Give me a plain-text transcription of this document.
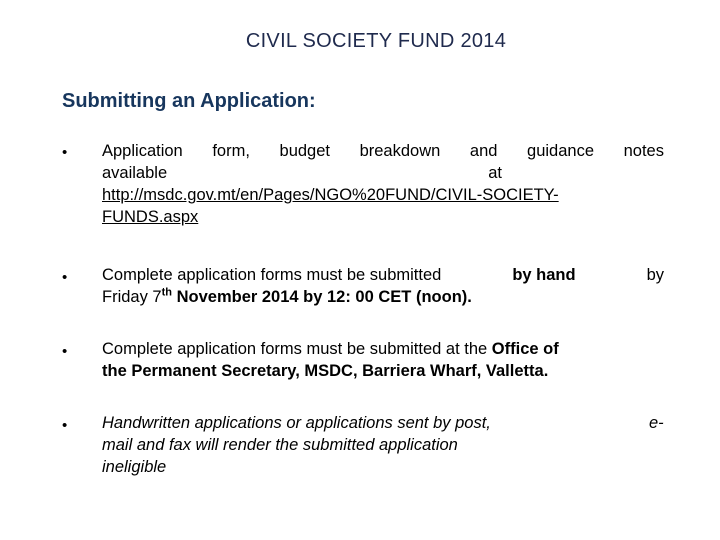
CIVIL SOCIETY FUND 2014
Submitting an Application:
• Application form, budget breakdown and guidance notes
available	at
http://msdc.gov.mt/en/Pages/NGO%20FUND/CIVIL-SOCIETY-
FUNDS.aspx
• Complete application forms must be submitted	by hand	by
Friday 7th November 2014 by 12: 00 CET (noon).
• Complete application forms must be submitted at the Office of
the Permanent Secretary, MSDC, Barriera Wharf, Valletta.
• Handwritten applications or applications sent by post,
mail and fax will render the submitted application
ineligible
e-
